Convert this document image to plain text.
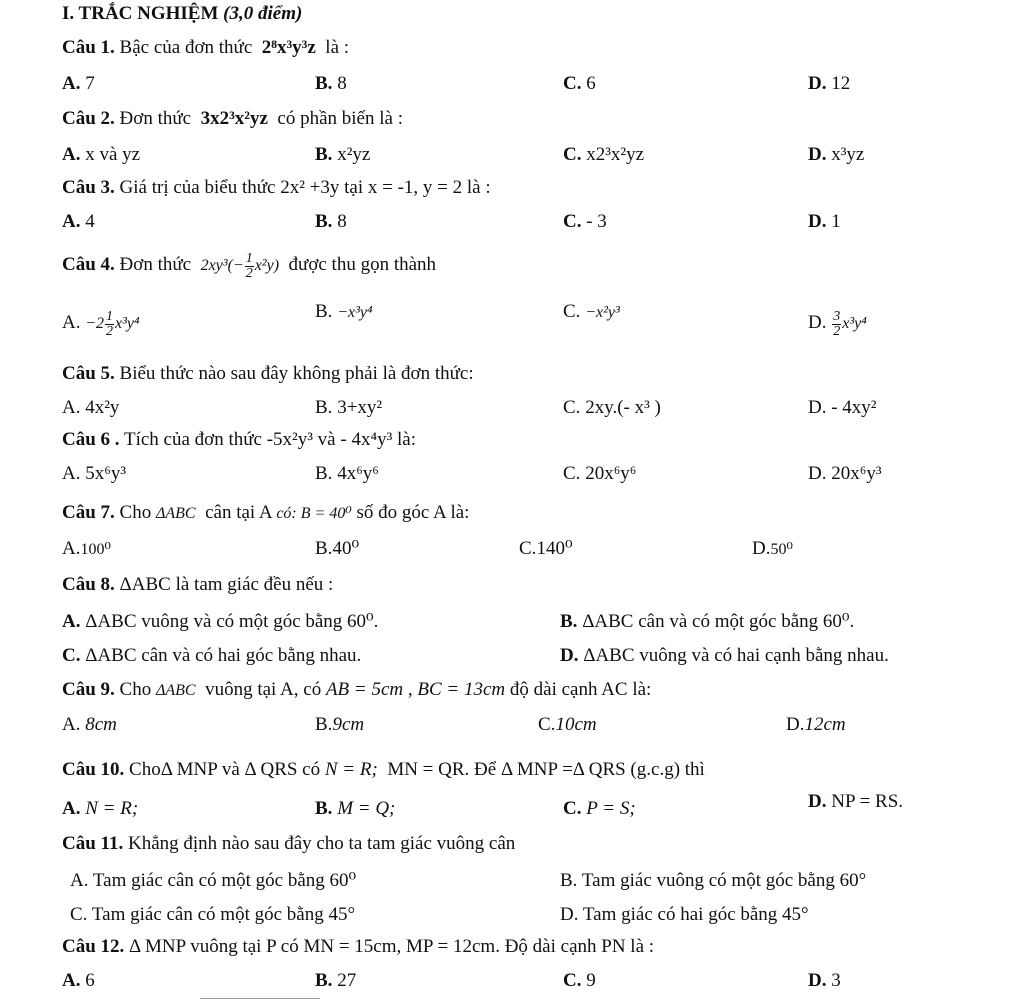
I. TRẮC NGHIỆM (3,0 điểm)
Câu 1. Bậc của đơn thức 2⁸x³y³z là :
A. 7	B. 8	C. 6	D. 12
Câu 2. Đơn thức 3x2³x²yz có phần biến là :
A. x và yz	B. x²yz	C. x2³x²yz	D. x³yz
Câu 3. Giá trị của biểu thức 2x² +3y tại x = -1, y = 2 là :
A. 4	B. 8	C. - 3	D. 1
Câu 4. Đơn thức $2xy^3(- \frac{1}{2} x^2y)$ được thu gọn thành
A. $-2 \frac{1}{2} x^3y^4$
B. −x³y⁴	C. −x²y³	D. $\frac{3}{2} x^3y^4$
Câu 5. Biểu thức nào sau đây không phải là đơn thức:
A. 4x²y	B. 3+xy²	C. 2xy.(- x³ )	D. - 4xy²
Câu 6 . Tích của đơn thức -5x²y³ và - 4x⁴y³ là:
A. 5x⁶y³	B. 4x⁶y⁶	C. 20x⁶y⁶	D. 20x⁶y³
Câu 7. Cho ΔABC cân tại A có: B = 40⁰ số đo góc A là:
A.100⁰	B.40⁰	C.140⁰	D.50⁰
Câu 8. ΔABC là tam giác đều nếu :
A. ΔABC vuông và có một góc bằng 60⁰.	B. ΔABC cân và có một góc bằng 60⁰.
C. ΔABC cân và có hai góc bằng nhau.	D. ΔABC vuông và có hai cạnh bằng nhau.
Câu 9. Cho ΔABC vuông tại A, có AB = 5cm , BC = 13cm độ dài cạnh AC là:
A. 8cm	B.9cm	C.10cm	D.12cm
Câu 10. ChoΔ MNP và Δ QRS có N = R; MN = QR. Để Δ MNP =Δ QRS (g.c.g) thì
A. N = R;	B. M = Q;	C. P = S;	D. NP = RS.
Câu 11. Khẳng định nào sau đây cho ta tam giác vuông cân
A. Tam giác cân có một góc bằng 60⁰	B. Tam giác vuông có một góc bằng 60°
C. Tam giác cân có một góc bằng 45°	D. Tam giác có hai góc bằng 45°
Câu 12. Δ MNP vuông tại P có MN = 15cm, MP = 12cm. Độ dài cạnh PN là :
A. 6	B. 27	C. 9	D. 3
